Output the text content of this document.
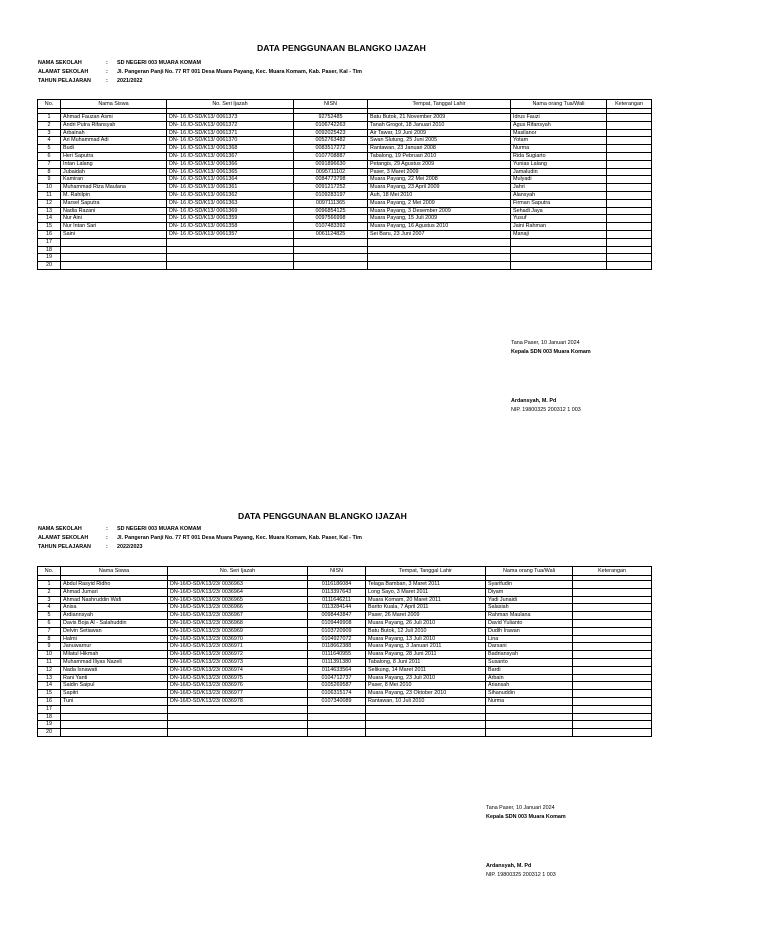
DATA PENGGUNAAN BLANGKO IJAZAH
NAMA SEKOLAH	: SD NEGERI 003 MUARA KOMAM
ALAMAT SEKOLAH	: Jl. Pangeran Panji No. 77 RT 001 Desa Muara Payang, Kec. Muara Komam, Kab. Paser, Kal - Tim
TAHUN PELAJARAN	: 2021/2022
No.	Nama Siswa	No. Seri Ijazah	NISN	Tempat, Tanggal Lahir	Nama orang Tua/Wali	Keterangan

1	Ahmad Fauzan Asmi	DN- 16 /D-SD/K13/ 0061373	92752485	Batu Butok, 21 November 2009	Idrus Fauzi	
2	Andri Putra Rifansyah	DN- 16 /D-SD/K13/ 0061372	0106742263	Tanah Grogot, 18 Januari 2010	Agus Rifansyah	
3	Arbainah	DN- 16 /D-SD/K13/ 0061371	0092025423	Air Tawar, 19 Juni 2009	Masilanor	
4	Ari Muhammad Adi	DN- 16 /D-SD/K13/ 0061370	0052763482	Swan Slutung, 25 Juni 2005	Yotam	
5	Budi	DN- 16 /D-SD/K13/ 0061368	0083517272	Rantawan, 23 Januari 2008	Nurma	
6	Heri Saputra	DN- 16 /D-SD/K13/ 0061367	0107708887	Tabalong, 19 Pebruari 2010	Rida Sugiarto	
7	Intan Lalang	DN- 16 /D-SD/K13/ 0061366	0091896630	Petangis, 29 Agustus 2009	Yunias Lalang	
8	Jubaidah	DN- 16 /D-SD/K13/ 0061365	0095711102	Paser, 3 Maret 2009	Jamaludin	
9	Kamiran	DN- 16 /D-SD/K13/ 0061364	0084773798	Muara Payang, 22 Mei 2008	Mulyadi	
10	Muhammad Riza Maulana	DN- 16 /D-SD/K13/ 0061361	0091217252	Muara Payang, 23 April 2009	Jahri	
11	M. Rahilpin	DN- 16 /D-SD/K13/ 0061362	0109283197	Auh, 18 Mei 2010	Alansyah	
12	Marsel Saputra	DN- 16 /D-SD/K13/ 0061363	0097111365	Muara Payang, 2 Mei 2009	Firman Saputra	
13	Nadia Razani	DN- 16 /D-SD/K13/ 0061369	0096854125	Muara Payang, 3 Desember 2009	Sehadi Jaya	
14	Nur Aini	DN- 16 /D-SD/K13/ 0061359	0097566998	Muara Payang, 15 Juli 2009	Yusuf	
15	Nur Intan Sari	DN- 16 /D-SD/K13/ 0061358	0107483392	Muara Payang, 16 Agustus 2010	Jaini Rahman	
16	Saini	DN- 16 /D-SD/K13/ 0061357	0061124825	Sei Baru, 23 Juni 2007	Manaji	
17						
18						
19						
20						
Tana Paser, 10 Januari 2024
Kepala SDN 003 Muara Komam
Ardansyah, M. Pd
NIP. 19800325 200312 1 003
DATA PENGGUNAAN BLANGKO IJAZAH
NAMA SEKOLAH	: SD NEGERI 003 MUARA KOMAM
ALAMAT SEKOLAH	: Jl. Pangeran Panji No. 77 RT 001 Desa Muara Payang, Kec. Muara Komam, Kab. Paser, Kal - Tim
TAHUN PELAJARAN	: 2022/2023
No.	Nama Siswa	No. Seri Ijazah	NISN	Tempat, Tanggal Lahir	Nama orang Tua/Wali	Keterangan

1	Abdul Rasyid Ridho	DN-16/D-SD/K13/23/ 0036963	0116186084	Telaga Bamban, 3 Maret 2011	Syarifudin	
2	Ahmad Jumari	DN-16/D-SD/K13/23/ 0036964	0113397643	Long Sayo, 3 Maret 2011	Diyam	
3	Ahmad Nashruddin Wafi	DN-16/D-SD/K13/23/ 0036965	0111646211	Muara Komam, 20 Maret 2011	Yadi Junaidi	
4	Anisa	DN-16/D-SD/K13/23/ 0036966	0113284144	Barito Kuala, 7 April 2011	Salasiah	
5	Ardiannsyah	DN-16/D-SD/K13/23/ 0036967	0098443847	Paser, 26 Maret 2009	Rahman Maulana	
6	Davis Boja Al - Salahuddin	DN-16/D-SD/K13/23/ 0036968	0109449908	Muara Payang, 26 Juli 2010	David Yulianto	
7	Delvin Setiawan	DN-16/D-SD/K13/23/ 0036969	0103720909	Batu Butok, 12 Juli 2010	Dudih Irawan	
8	Halmi	DN-16/D-SD/K13/23/ 0036970	0104927072	Muara Payang, 13 Juli 2010	Lina	
9	Januwarnur	DN-16/D-SD/K13/23/ 0036971	0118662388	Muara Payang, 3 Januari 2011	Darsani	
10	Milatul Hikmah	DN-16/D-SD/K13/23/ 0036972	0111640955	Muara Payang, 28 Juni 2011	Badriansyah	
11	Muhammad Iliyas Nazeli	DN-16/D-SD/K13/23/ 0036973	0111391380	Tabalong, 8 Juni 2011	Susanto	
12	Nada Isnawati	DN-16/D-SD/K13/23/ 0036974	0114633564	Selikung, 14 Maret 2011	Bardi	
13	Rani Yanti	DN-16/D-SD/K13/23/ 0036975	0104712737	Muara Payang, 23 Juli 2010	Arbain	
14	Saidin Saipul	DN-16/D-SD/K13/23/ 0036976	0105269587	Paser, 8 Mei 2010	Ariansah	
15	Sapitri	DN-16/D-SD/K13/23/ 0036977	0106315174	Muara Payang, 23 Oktober 2010	Sihanuddin	
16	Tuni	DN-16/D-SD/K13/23/ 0036978	0107340089	Rantawan, 10 Juli 2010	Nurma	
17						
18						
19						
20						
Tana Paser, 10 Januari 2024
Kepala SDN 003 Muara Komam
Ardansyah, M. Pd
NIP. 19800325 200312 1 003
